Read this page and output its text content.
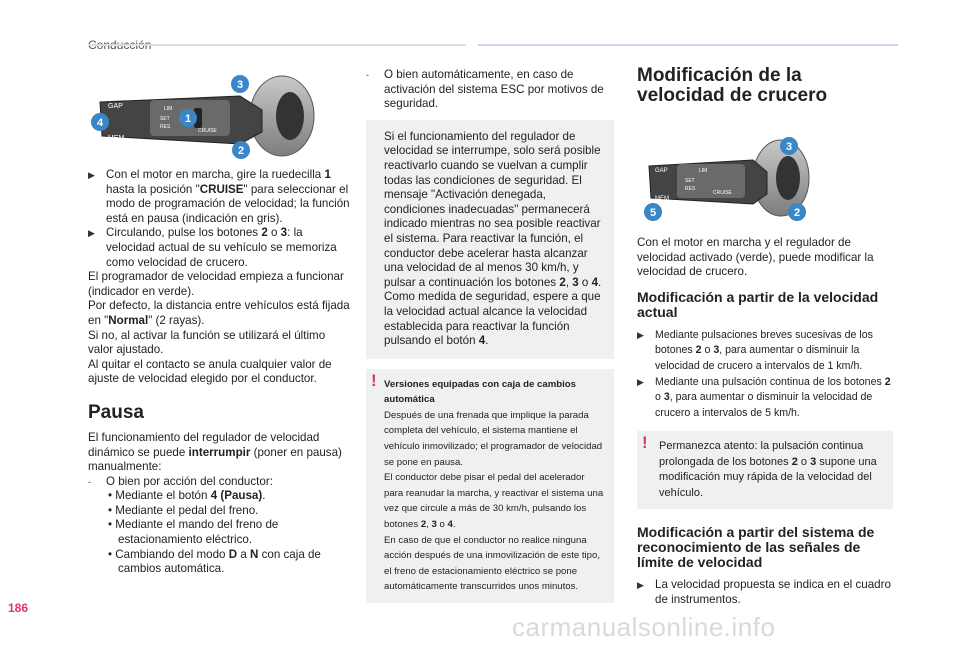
GAP
MEM
LIM
SET
RES
CRUISE
3
1
4
2

▶ Con el motor en marcha, gire la ruedecilla 1 hasta la posición "CRUISE" para seleccionar el modo de programación de velocidad; la función está en pausa (indicación en gris).

▶ Circulando, pulse los botones 2 o 3: la velocidad actual de su vehículo se memoriza como velocidad de crucero.

El programador de velocidad empieza a funcionar (indicador en verde).

Por defecto, la distancia entre vehículos está fijada en "Normal" (2 rayas).

Si no, al activar la función se utilizará el último valor ajustado.

Al quitar el contacto se anula cualquier valor de ajuste de velocidad elegido por el conductor.

Pausa

El funcionamiento del regulador de velocidad dinámico se puede interrumpir (poner en pausa) manualmente:

- O bien por acción del conductor:

• Mediante el botón 4 (Pausa).

• Mediante el pedal del freno.

• Mediante el mando del freno de estacionamiento eléctrico.

• Cambiando del modo D a N con caja de cambios automática.

- O bien automáticamente, en caso de activación del sistema ESC por motivos de seguridad.

Si el funcionamiento del regulador de velocidad se interrumpe, solo será posible reactivarlo cuando se vuelvan a cumplir todas las condiciones de seguridad. El mensaje "Activación denegada, condiciones inadecuadas" permanecerá indicado mientras no sea posible reactivar el sistema. Para reactivar la función, el conductor debe acelerar hasta alcanzar una velocidad de al menos 30 km/h, y pulsar a continuación los botones 2, 3 o 4.

Como medida de seguridad, espere a que la velocidad actual alcance la velocidad establecida para reactivar la función pulsando el botón 4.

! Versiones equipadas con caja de cambios automática

Después de una frenada que implique la parada completa del vehículo, el sistema mantiene el vehículo inmovilizado; el programador de velocidad se pone en pausa.

El conductor debe pisar el pedal del acelerador para reanudar la marcha, y reactivar el sistema una vez que circule a más de 30 km/h, pulsando los botones 2, 3 o 4.

En caso de que el conductor no realice ninguna acción después de una inmovilización de este tipo, el freno de estacionamiento eléctrico se pone automáticamente transcurridos unos minutos.

Modificación de la velocidad de crucero
GAP
MEM
LIM
SET
RES
CRUISE
3
2
5

Con el motor en marcha y el regulador de velocidad activado (verde), puede modificar la velocidad de crucero.

Modificación a partir de la velocidad actual

▶ Mediante pulsaciones breves sucesivas de los botones 2 o 3, para aumentar o disminuir la velocidad de crucero a intervalos de 1 km/h.

▶ Mediante una pulsación continua de los botones 2 o 3, para aumentar o disminuir la velocidad de crucero a intervalos de 5 km/h.

! Permanezca atento: la pulsación continua prolongada de los botones 2 o 3 supone una modificación muy rápida de la velocidad del vehículo.

Modificación a partir del sistema de reconocimiento de las señales de límite de velocidad

▶ La velocidad propuesta se indica en el cuadro de instrumentos.

186
carmanualsonline.info
